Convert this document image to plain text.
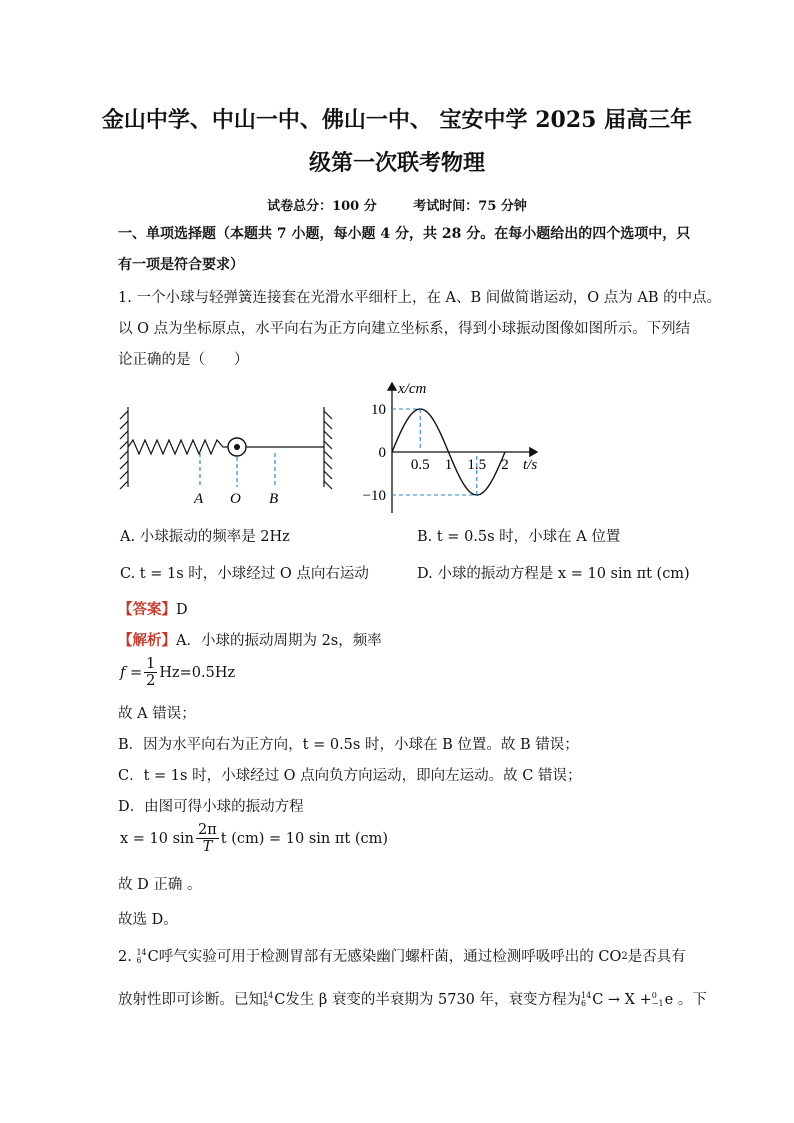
金山中学、中山一中、佛山一中、 宝安中学 2025 届高三年
级第一次联考物理
试卷总分：100 分	考试时间：75 分钟
一、单项选择题（本题共 7 小题，每小题 4 分，共 28 分。在每小题给出的四个选项中，只
有一项是符合要求）
1. 一个小球与轻弹簧连接套在光滑水平细杆上，在 A、B 间做简谐运动，O 点为 AB 的中点。
以 O 点为坐标原点，水平向右为正方向建立坐标系，得到小球振动图像如图所示。下列结
论正确的是（　　）
A O B
x/cm
t/s
10
0
−10
0.5 1 1.5 2
A. 小球振动的频率是 2Hz	B. t = 0.5s 时，小球在 A 位置
C. t = 1s 时，小球经过 O 点向右运动	D. 小球的振动方程是 x = 10 sin πt (cm)
【答案】D
【解析】A．小球的振动周期为 2s，频率
$f = \frac{1}{2} Hz=0.5Hz$
故 A 错误；
B．因为水平向右为正方向，t = 0.5s 时，小球在 B 位置。故 B 错误；
C．t = 1s 时，小球经过 O 点向负方向运动，即向左运动。故 C 错误；
D．由图可得小球的振动方程
x = 10 $\sin \frac{2\pi}{T}$ t (cm) = 10 sin πt (cm)
故 D 正确 。
故选 D。
2.
14
6 C 呼气实验可用于检测胃部有无感染幽门螺杆菌，通过检测呼吸呼出的 CO 2 是否具有
放射性即可诊断。已知 14
6 C 发生 β 衰变的半衰期为 5730 年，衰变方程为 14
6 C → X + 0
−1 e 。下
